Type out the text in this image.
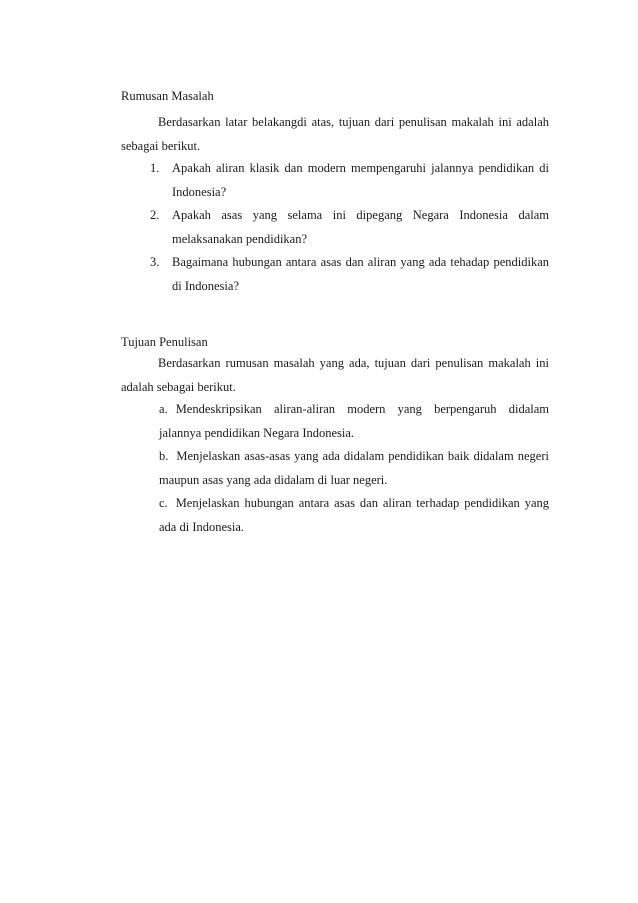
Rumusan Masalah
Berdasarkan latar belakangdi atas, tujuan dari penulisan makalah ini adalah sebagai berikut.
1. Apakah aliran klasik dan modern mempengaruhi jalannya pendidikan di Indonesia?
2. Apakah asas yang selama ini dipegang Negara Indonesia dalam melaksanakan pendidikan?
3. Bagaimana hubungan antara asas dan aliran yang ada tehadap pendidikan di Indonesia?
Tujuan Penulisan
Berdasarkan rumusan masalah yang ada, tujuan dari penulisan makalah ini adalah sebagai berikut.
a. Mendeskripsikan aliran-aliran modern yang berpengaruh didalam jalannya pendidikan Negara Indonesia.
b. Menjelaskan asas-asas yang ada didalam pendidikan baik didalam negeri maupun asas yang ada didalam di luar negeri.
c. Menjelaskan hubungan antara asas dan aliran terhadap pendidikan yang ada di Indonesia.
